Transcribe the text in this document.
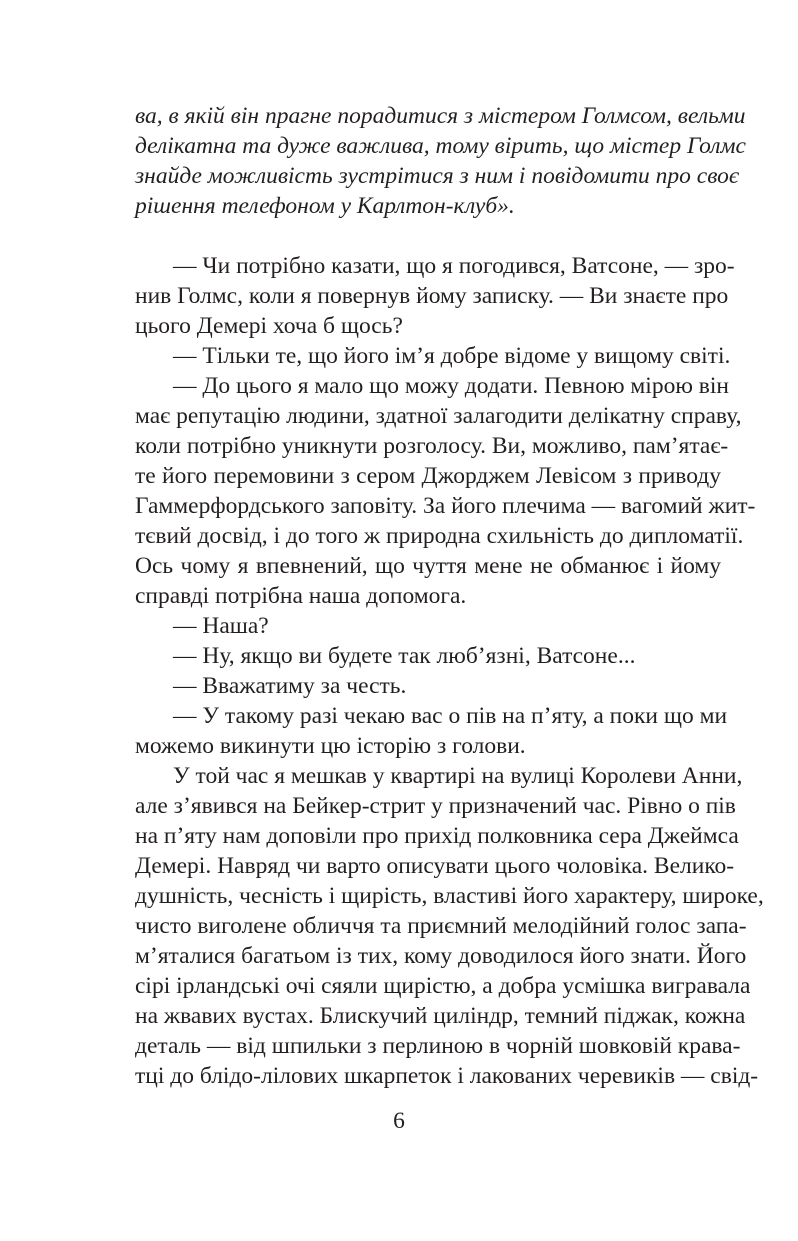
ва, в якій він прагне порадитися з містером Голмсом, вельми

делікатна та дуже важлива, тому вірить, що містер Голмс

знайде можливість зустрітися з ним і повідомити про своє

рішення телефоном у Карлтон-клуб».

— Чи потрібно казати, що я погодився, Ватсоне, — зро-

нив Голмс, коли я повернув йому записку. — Ви знаєте про

цього Демері хоча б щось?

— Тільки те, що його ім’я добре відоме у вищому світі.

— До цього я мало що можу додати. Певною мірою він

має репутацію людини, здатної залагодити делікатну справу,

коли потрібно уникнути розголосу. Ви, можливо, пам’ятає-

те його перемовини з сером Джорджем Левісом з приводу

Гаммерфордського заповіту. За його плечима — вагомий жит-

тєвий досвід, і до того ж природна схильність до дипломатії.

Ось чому я впевнений, що чуття мене не обманює і йому

справді потрібна наша допомога.

— Наша?

— Ну, якщо ви будете так люб’язні, Ватсоне...

— Вважатиму за честь.

— У такому разі чекаю вас о пів на п’яту, а поки що ми

можемо викинути цю історію з голови.

У той час я мешкав у квартирі на вулиці Королеви Анни,

але з’явився на Бейкер-стрит у призначений час. Рівно о пів

на п’яту нам доповіли про прихід полковника сера Джеймса

Демері. Навряд чи варто описувати цього чоловіка. Велико-

душність, чесність і щирість, властиві його характеру, широке,

чисто виголене обличчя та приємний мелодійний голос запа-

м’яталися багатьом із тих, кому доводилося його знати. Його

сірі ірландські очі сяяли щирістю, а добра усмішка вигравала

на жвавих вустах. Блискучий циліндр, темний піджак, кожна

деталь — від шпильки з перлиною в чорній шовковій крава-

тці до блідо-лілових шкарпеток і лакованих черевиків — свід-

6
